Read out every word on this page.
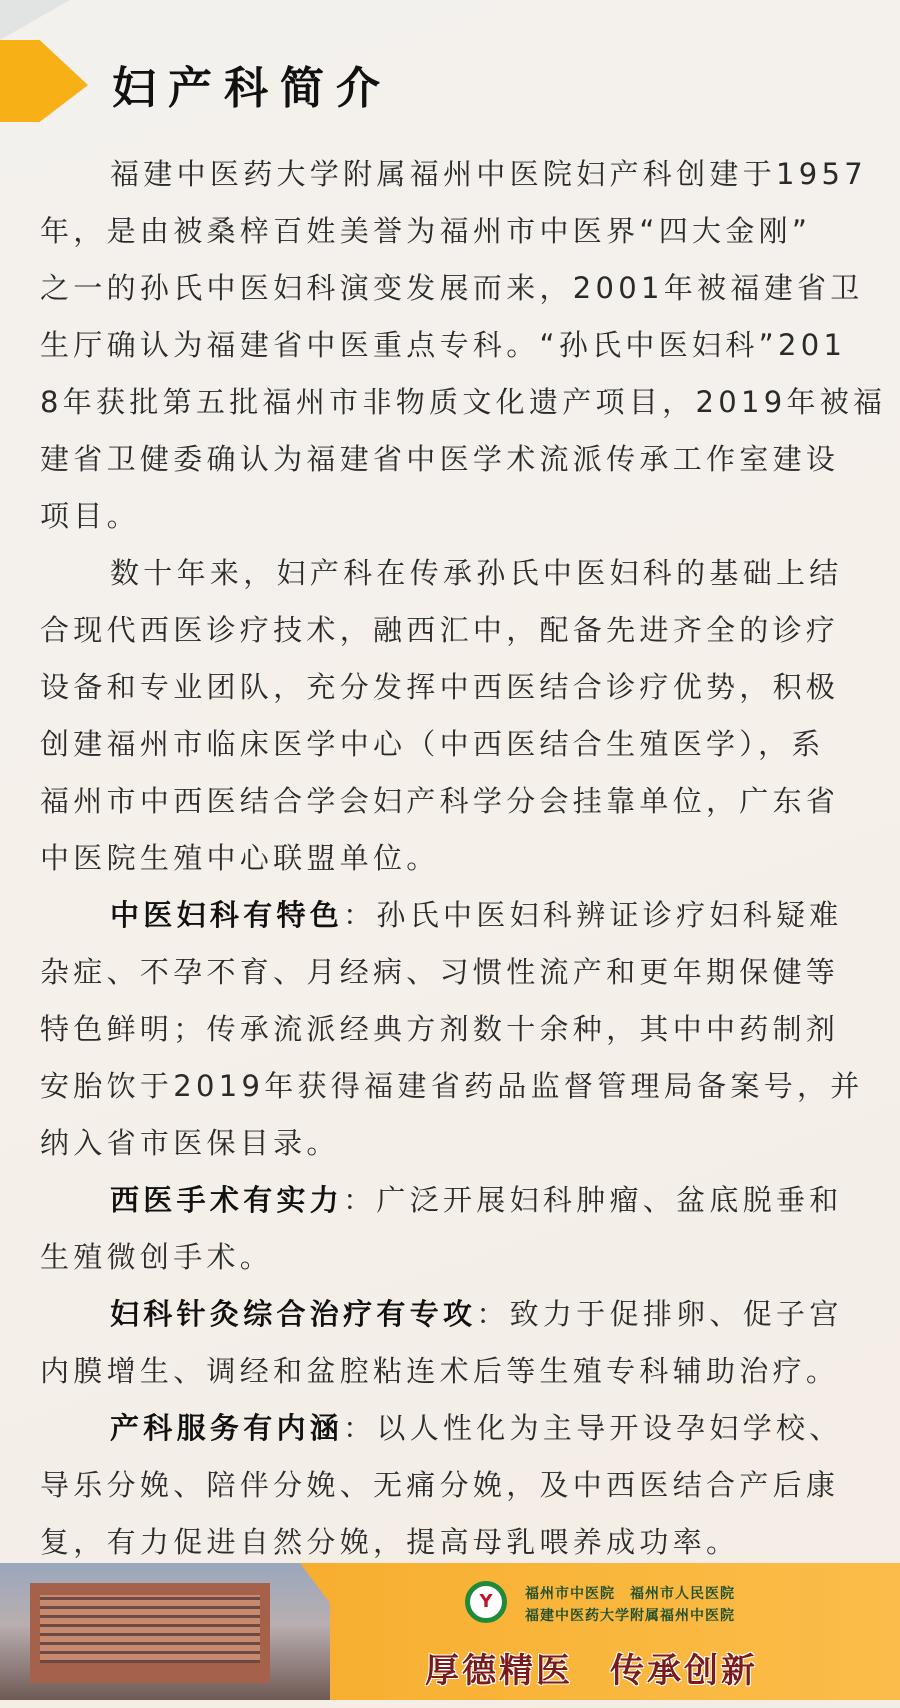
妇产科简介
福建中医药大学附属福州中医院妇产科创建于1957
年，是由被桑梓百姓美誉为福州市中医界“四大金刚”
之一的孙氏中医妇科演变发展而来，2001年被福建省卫
生厅确认为福建省中医重点专科。“孙氏中医妇科”201
8年获批第五批福州市非物质文化遗产项目，2019年被福
建省卫健委确认为福建省中医学术流派传承工作室建设
项目。
数十年来，妇产科在传承孙氏中医妇科的基础上结
合现代西医诊疗技术，融西汇中，配备先进齐全的诊疗
设备和专业团队，充分发挥中西医结合诊疗优势，积极
创建福州市临床医学中心（中西医结合生殖医学），系
福州市中西医结合学会妇产科学分会挂靠单位，广东省
中医院生殖中心联盟单位。
中医妇科有特色：孙氏中医妇科辨证诊疗妇科疑难
杂症、不孕不育、月经病、习惯性流产和更年期保健等
特色鲜明；传承流派经典方剂数十余种，其中中药制剂
安胎饮于2019年获得福建省药品监督管理局备案号，并
纳入省市医保目录。
西医手术有实力：广泛开展妇科肿瘤、盆底脱垂和
生殖微创手术。
妇科针灸综合治疗有专攻：致力于促排卵、促子宫
内膜增生、调经和盆腔粘连术后等生殖专科辅助治疗。
产科服务有内涵：以人性化为主导开设孕妇学校、
导乐分娩、陪伴分娩、无痛分娩，及中西医结合产后康
复，有力促进自然分娩，提高母乳喂养成功率。
Y	福州市中医院　福州市人民医院
福建中医药大学附属福州中医院
厚德精医　传承创新
